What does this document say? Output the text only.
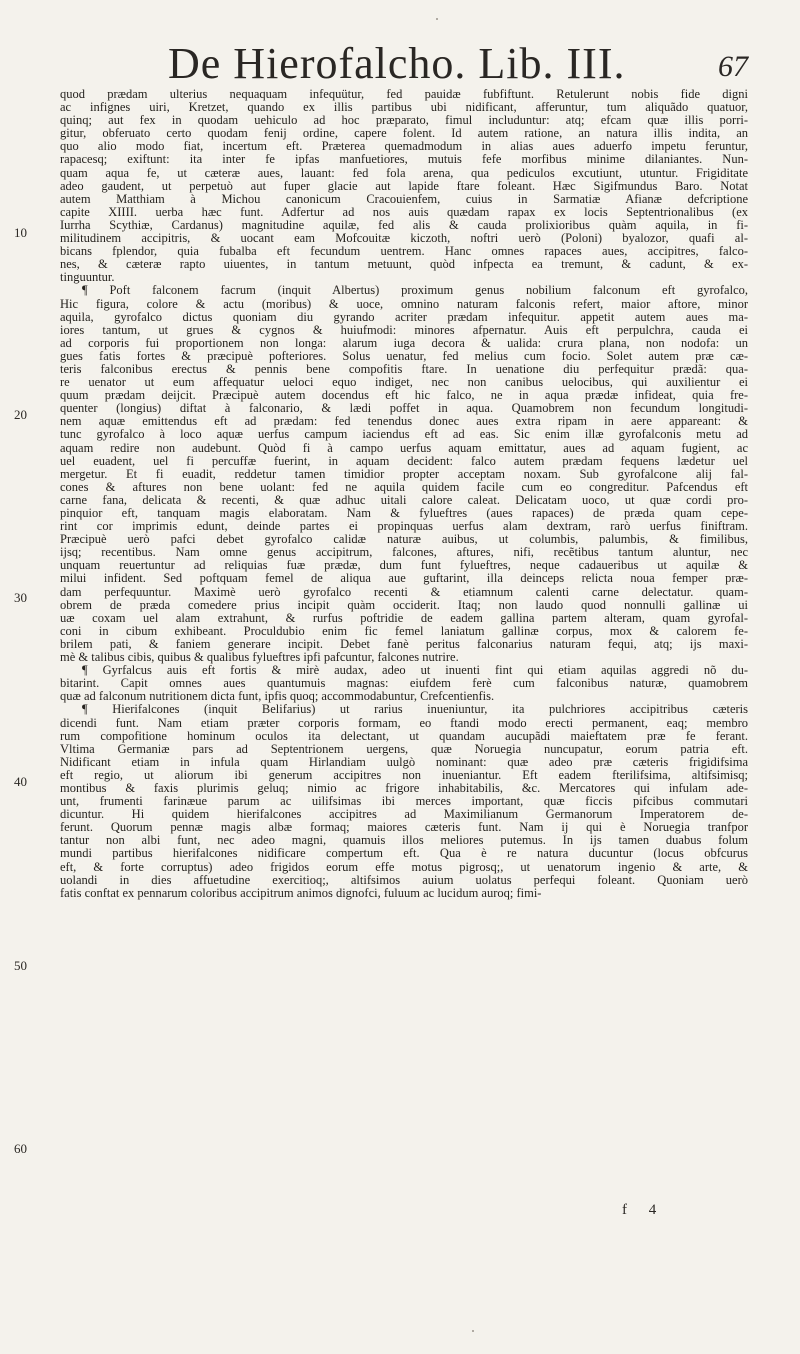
De Hierofalcho. Lib. III.	67
10
20
30
40
50
60
quod prædam ulterius nequaquam infequütur, fed pauidæ fubfiftunt. Retulerunt nobis fide digni
ac infignes uiri, Kretzet, quando ex illis partibus ubi nidificant, afferuntur, tum aliquãdo quatuor,
quinq; aut fex in quodam uehiculo ad hoc præparato, fimul includuntur: atq; efcam quæ illis porri-
gitur, obferuato certo quodam fenij ordine, capere folent. Id autem ratione, an natura illis indita, an
quo alio modo fiat, incertum eft. Præterea quemadmodum in alias aues aduerfo impetu feruntur,
rapacesq; exiftunt: ita inter fe ipfas manfuetiores, mutuis fefe morfibus minime dilaniantes. Nun-
quam aqua fe, ut cæteræ aues, lauant: fed fola arena, qua pediculos excutiunt, utuntur. Frigiditate
adeo gaudent, ut perpetuò aut fuper glacie aut lapide ftare foleant. Hæc Sigifmundus Baro. Notat
autem Matthiam à Michou canonicum Cracouienfem, cuius in Sarmatiæ Afianæ defcriptione
capite XIIII. uerba hæc funt. Adfertur ad nos auis quædam rapax ex locis Septentrionalibus (ex
Iurrha Scythiæ, Cardanus) magnitudine aquilæ, fed alis & cauda prolixioribus quàm aquila, in fi-
militudinem accipitris, & uocant eam Mofcouitæ kiczoth, noftri uerò (Poloni) byalozor, quafi al-
bicans fplendor, quia fubalba eft fecundum uentrem. Hanc omnes rapaces aues, accipitres, falco-
nes, & cæteræ rapto uiuentes, in tantum metuunt, quòd infpecta ea tremunt, & cadunt, & ex-
tinguuntur.
¶ Poft falconem facrum (inquit Albertus) proximum genus nobilium falconum eft gyrofalco,
Hic figura, colore & actu (moribus) & uoce, omnino naturam falconis refert, maior aftore, minor
aquila, gyrofalco dictus quoniam diu gyrando acriter prædam infequitur. appetit autem aues ma-
iores tantum, ut grues & cygnos & huiufmodi: minores afpernatur. Auis eft perpulchra, cauda ei
ad corporis fui proportionem non longa: alarum iuga decora & ualida: crura plana, non nodofa: un
gues fatis fortes & præcipuè pofteriores. Solus uenatur, fed melius cum focio. Solet autem præ cæ-
teris falconibus erectus & pennis bene compofitis ftare. In uenatione diu perfequitur prædã: qua-
re uenator ut eum affequatur ueloci equo indiget, nec non canibus uelocibus, qui auxilientur ei
quum prædam deijcit. Præcipuè autem docendus eft hic falco, ne in aqua prædæ infideat, quia fre-
quenter (longius) diftat à falconario, & lædi poffet in aqua. Quamobrem non fecundum longitudi-
nem aquæ emittendus eft ad prædam: fed tenendus donec aues extra ripam in aere appareant: &
tunc gyrofalco à loco aquæ uerfus campum iaciendus eft ad eas. Sic enim illæ gyrofalconis metu ad
aquam redire non audebunt. Quòd fi à campo uerfus aquam emittatur, aues ad aquam fugient, ac
uel euadent, uel fi percuffæ fuerint, in aquam decident: falco autem prædam fequens lædetur uel
mergetur. Et fi euadit, reddetur tamen timidior propter acceptam noxam. Sub gyrofalcone alij fal-
cones & aftures non bene uolant: fed ne aquila quidem facile cum eo congreditur. Pafcendus eft
carne fana, delicata & recenti, & quæ adhuc uitali calore caleat. Delicatam uoco, ut quæ cordi pro-
pinquior eft, tanquam magis elaboratam. Nam & fylueftres (aues rapaces) de præda quam cepe-
rint cor imprimis edunt, deinde partes ei propinquas uerfus alam dextram, rarò uerfus finiftram.
Præcipuè uerò pafci debet gyrofalco calidæ naturæ auibus, ut columbis, palumbis, & fimilibus,
ijsq; recentibus. Nam omne genus accipitrum, falcones, aftures, nifi, recẽtibus tantum aluntur, nec
unquam reuertuntur ad reliquias fuæ prædæ, dum funt fylueftres, neque cadaueribus ut aquilæ &
milui infident. Sed poftquam femel de aliqua aue guftarint, illa deinceps relicta noua femper præ-
dam perfequuntur. Maximè uerò gyrofalco recenti & etiamnum calenti carne delectatur. quam-
obrem de præda comedere prius incipit quàm occiderit. Itaq; non laudo quod nonnulli gallinæ ui
uæ coxam uel alam extrahunt, & rurfus poftridie de eadem gallina partem alteram, quam gyrofal-
coni in cibum exhibeant. Proculdubio enim fic femel laniatum gallinæ corpus, mox & calorem fe-
brilem pati, & faniem generare incipit. Debet fanè peritus falconarius naturam fequi, atq; ijs maxi-
mè & talibus cibis, quibus & qualibus fylueftres ipfi pafcuntur, falcones nutrire.
¶ Gyrfalcus auis eft fortis & mirè audax, adeo ut inuenti fint qui etiam aquilas aggredi nõ du-
bitarint. Capit omnes aues quantumuis magnas: eiufdem ferè cum falconibus naturæ, quamobrem
quæ ad falconum nutritionem dicta funt, ipfis quoq; accommodabuntur, Crefcentienfis.
¶ Hierifalcones (inquit Belifarius) ut rarius inueniuntur, ita pulchriores accipitribus cæteris
dicendi funt. Nam etiam præter corporis formam, eo ftandi modo erecti permanent, eaq; membro
rum compofitione hominum oculos ita delectant, ut quandam aucupãdi maieftatem præ fe ferant.
Vltima Germaniæ pars ad Septentrionem uergens, quæ Noruegia nuncupatur, eorum patria eft.
Nidificant etiam in infula quam Hirlandiam uulgò nominant: quæ adeo præ cæteris frigidifsima
eft regio, ut aliorum ibi generum accipitres non inueniantur. Eft eadem fterilifsima, altifsimisq;
montibus & faxis plurimis geluq; nimio ac frigore inhabitabilis, &c. Mercatores qui infulam ade-
unt, frumenti farinæue parum ac uilifsimas ibi merces important, quæ ficcis pifcibus commutari
dicuntur. Hi quidem hierifalcones accipitres ad Maximilianum Germanorum Imperatorem de-
ferunt. Quorum pennæ magis albæ formaq; maiores cæteris funt. Nam ij qui è Noruegia tranfpor
tantur non albi funt, nec adeo magni, quamuis illos meliores putemus. In ijs tamen duabus folum
mundi partibus hierifalcones nidificare compertum eft. Qua è re natura ducuntur (locus obfcurus
eft, & forte corruptus) adeo frigidos eorum effe motus pigrosq;, ut uenatorum ingenio & arte, &
uolandi in dies affuetudine exercitioq;, altifsimos auium uolatus perfequi foleant. Quoniam uerò
fatis conftat ex pennarum coloribus accipitrum animos dignofci, fuluum ac lucidum auroq; fimi-
f 4
